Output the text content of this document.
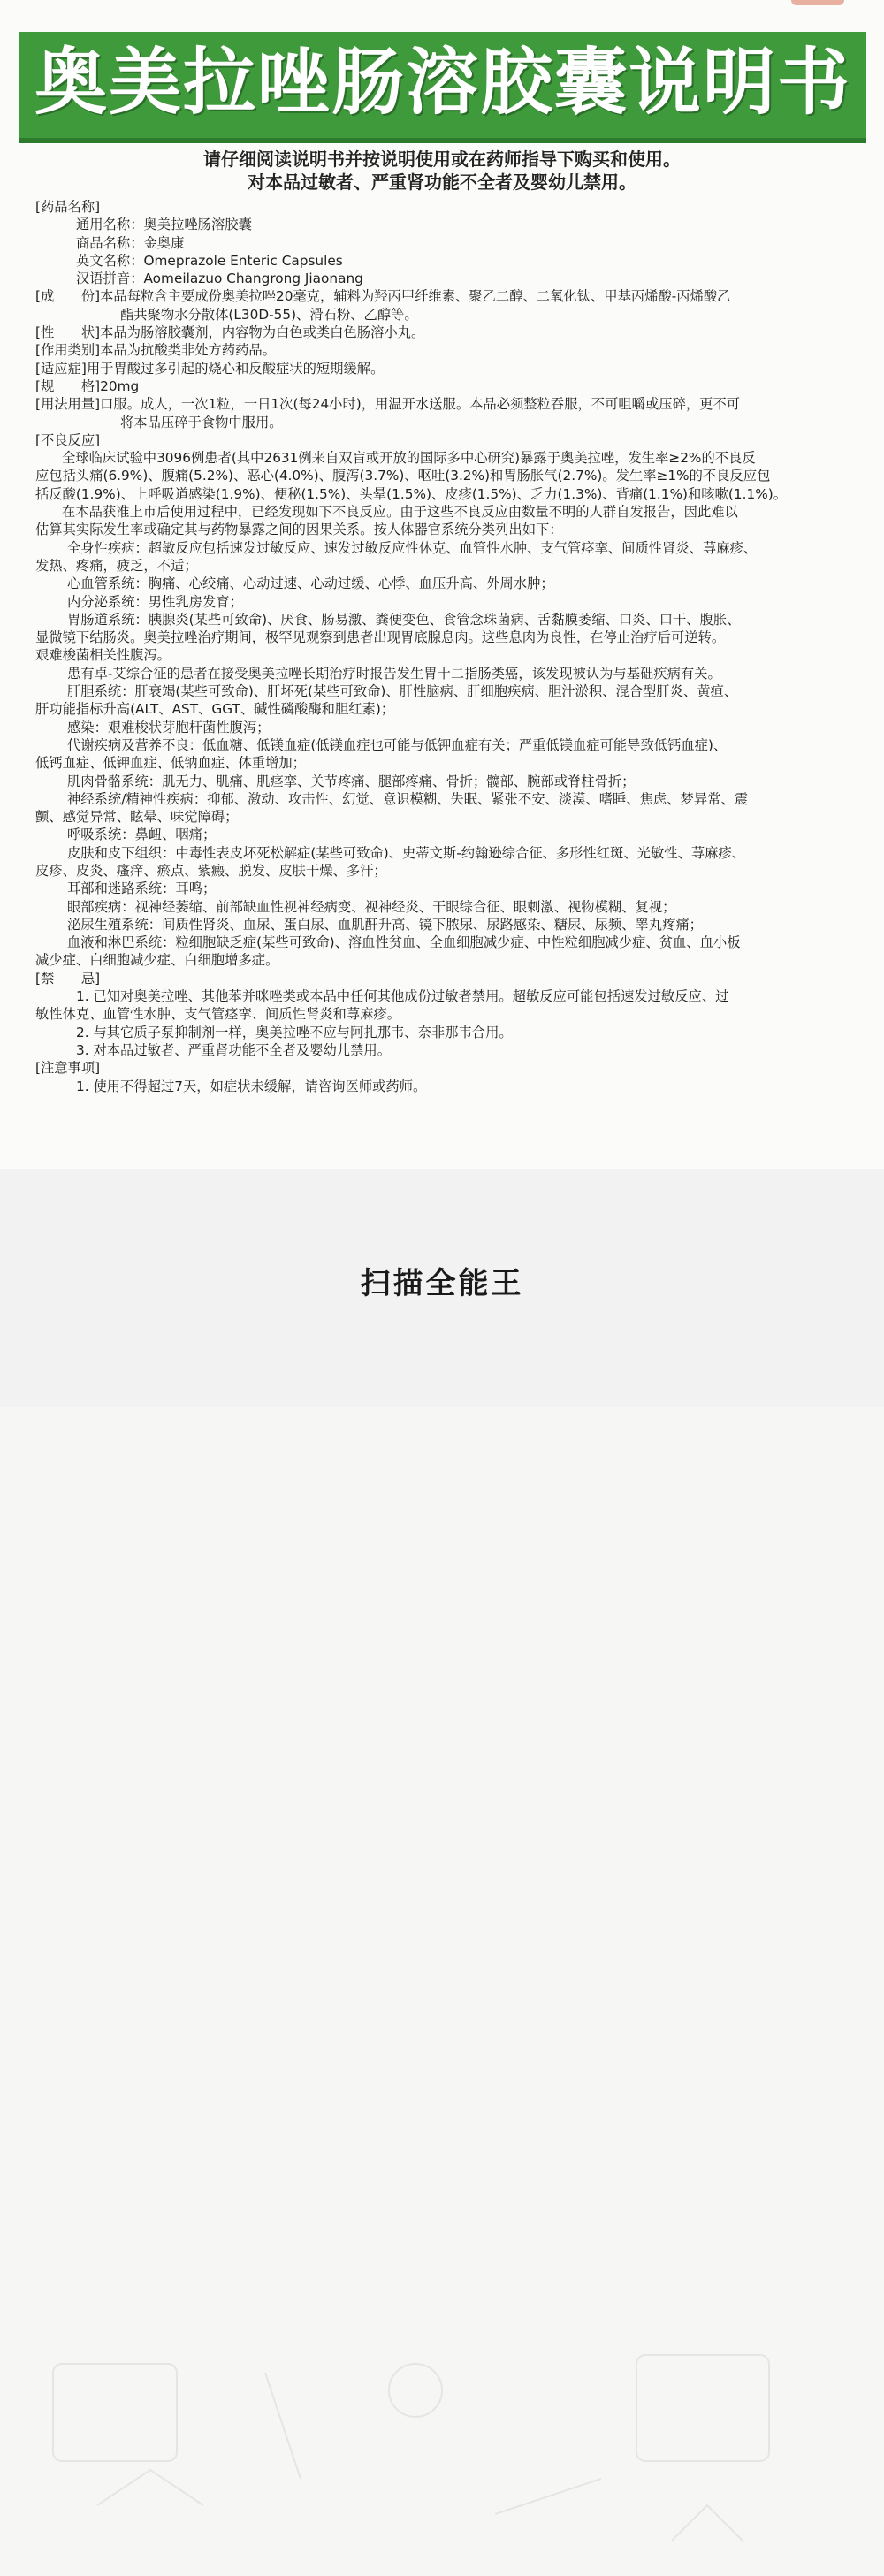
奥美拉唑肠溶胶囊说明书
请仔细阅读说明书并按说明使用或在药师指导下购买和使用。
对本品过敏者、严重肾功能不全者及婴幼儿禁用。

[药品名称]

通用名称：奥美拉唑肠溶胶囊

商品名称：金奥康

英文名称：Omeprazole Enteric Capsules

汉语拼音：Aomeilazuo Changrong Jiaonang

[成　　份] 本品每粒含主要成份奥美拉唑20毫克，辅料为羟丙甲纤维素、聚乙二醇、二氧化钛、甲基丙烯酸-丙烯酸乙

酯共聚物水分散体(L30D-55)、滑石粉、乙醇等。

[性　　状] 本品为肠溶胶囊剂，内容物为白色或类白色肠溶小丸。
[作用类别] 本品为抗酸类非处方药药品。
[适应症] 用于胃酸过多引起的烧心和反酸症状的短期缓解。
[规　　格] 20mg
[用法用量] 口服。成人，一次1粒，一日1次(每24小时)，用温开水送服。本品必须整粒吞服，不可咀嚼或压碎，更不可

将本品压碎于食物中服用。

[不良反应]

全球临床试验中3096例患者(其中2631例来自双盲或开放的国际多中心研究)暴露于奥美拉唑，发生率≥2%的不良反

应包括头痛(6.9%)、腹痛(5.2%)、恶心(4.0%)、腹泻(3.7%)、呕吐(3.2%)和胃肠胀气(2.7%)。发生率≥1%的不良反应包

括反酸(1.9%)、上呼吸道感染(1.9%)、便秘(1.5%)、头晕(1.5%)、皮疹(1.5%)、乏力(1.3%)、背痛(1.1%)和咳嗽(1.1%)。

在本品获准上市后使用过程中，已经发现如下不良反应。由于这些不良反应由数量不明的人群自发报告，因此难以

估算其实际发生率或确定其与药物暴露之间的因果关系。按人体器官系统分类列出如下：

全身性疾病：超敏反应包括速发过敏反应、速发过敏反应性休克、血管性水肿、支气管痉挛、间质性肾炎、荨麻疹、

发热、疼痛，疲乏，不适；

心血管系统：胸痛、心绞痛、心动过速、心动过缓、心悸、血压升高、外周水肿；

内分泌系统：男性乳房发育；

胃肠道系统：胰腺炎(某些可致命)、厌食、肠易激、粪便变色、食管念珠菌病、舌黏膜萎缩、口炎、口干、腹胀、

显微镜下结肠炎。奥美拉唑治疗期间，极罕见观察到患者出现胃底腺息肉。这些息肉为良性，在停止治疗后可逆转。

艰难梭菌相关性腹泻。

患有卓-艾综合征的患者在接受奥美拉唑长期治疗时报告发生胃十二指肠类癌，该发现被认为与基础疾病有关。

肝胆系统：肝衰竭(某些可致命)、肝坏死(某些可致命)、肝性脑病、肝细胞疾病、胆汁淤积、混合型肝炎、黄疸、

肝功能指标升高(ALT、AST、GGT、碱性磷酸酶和胆红素)；

感染：艰难梭状芽胞杆菌性腹泻；

代谢疾病及营养不良：低血糖、低镁血症(低镁血症也可能与低钾血症有关；严重低镁血症可能导致低钙血症)、

低钙血症、低钾血症、低钠血症、体重增加；

肌肉骨骼系统：肌无力、肌痛、肌痉挛、关节疼痛、腿部疼痛、骨折；髋部、腕部或脊柱骨折；

神经系统/精神性疾病：抑郁、激动、攻击性、幻觉、意识模糊、失眠、紧张不安、淡漠、嗜睡、焦虑、梦异常、震

颤、感觉异常、眩晕、味觉障碍；

呼吸系统：鼻衄、咽痛；

皮肤和皮下组织：中毒性表皮坏死松解症(某些可致命)、史蒂文斯-约翰逊综合征、多形性红斑、光敏性、荨麻疹、

皮疹、皮炎、瘙痒、瘀点、紫癜、脱发、皮肤干燥、多汗；

耳部和迷路系统：耳鸣；

眼部疾病：视神经萎缩、前部缺血性视神经病变、视神经炎、干眼综合征、眼刺激、视物模糊、复视；

泌尿生殖系统：间质性肾炎、血尿、蛋白尿、血肌酐升高、镜下脓尿、尿路感染、糖尿、尿频、睾丸疼痛；

血液和淋巴系统：粒细胞缺乏症(某些可致命)、溶血性贫血、全血细胞减少症、中性粒细胞减少症、贫血、血小板

减少症、白细胞减少症、白细胞增多症。

[禁　　忌]

1. 已知对奥美拉唑、其他苯并咪唑类或本品中任何其他成份过敏者禁用。超敏反应可能包括速发过敏反应、过

敏性休克、血管性水肿、支气管痉挛、间质性肾炎和荨麻疹。

2. 与其它质子泵抑制剂一样，奥美拉唑不应与阿扎那韦、奈非那韦合用。

3. 对本品过敏者、严重肾功能不全者及婴幼儿禁用。

[注意事项]

1. 使用不得超过7天，如症状未缓解，请咨询医师或药师。

扫描全能王
